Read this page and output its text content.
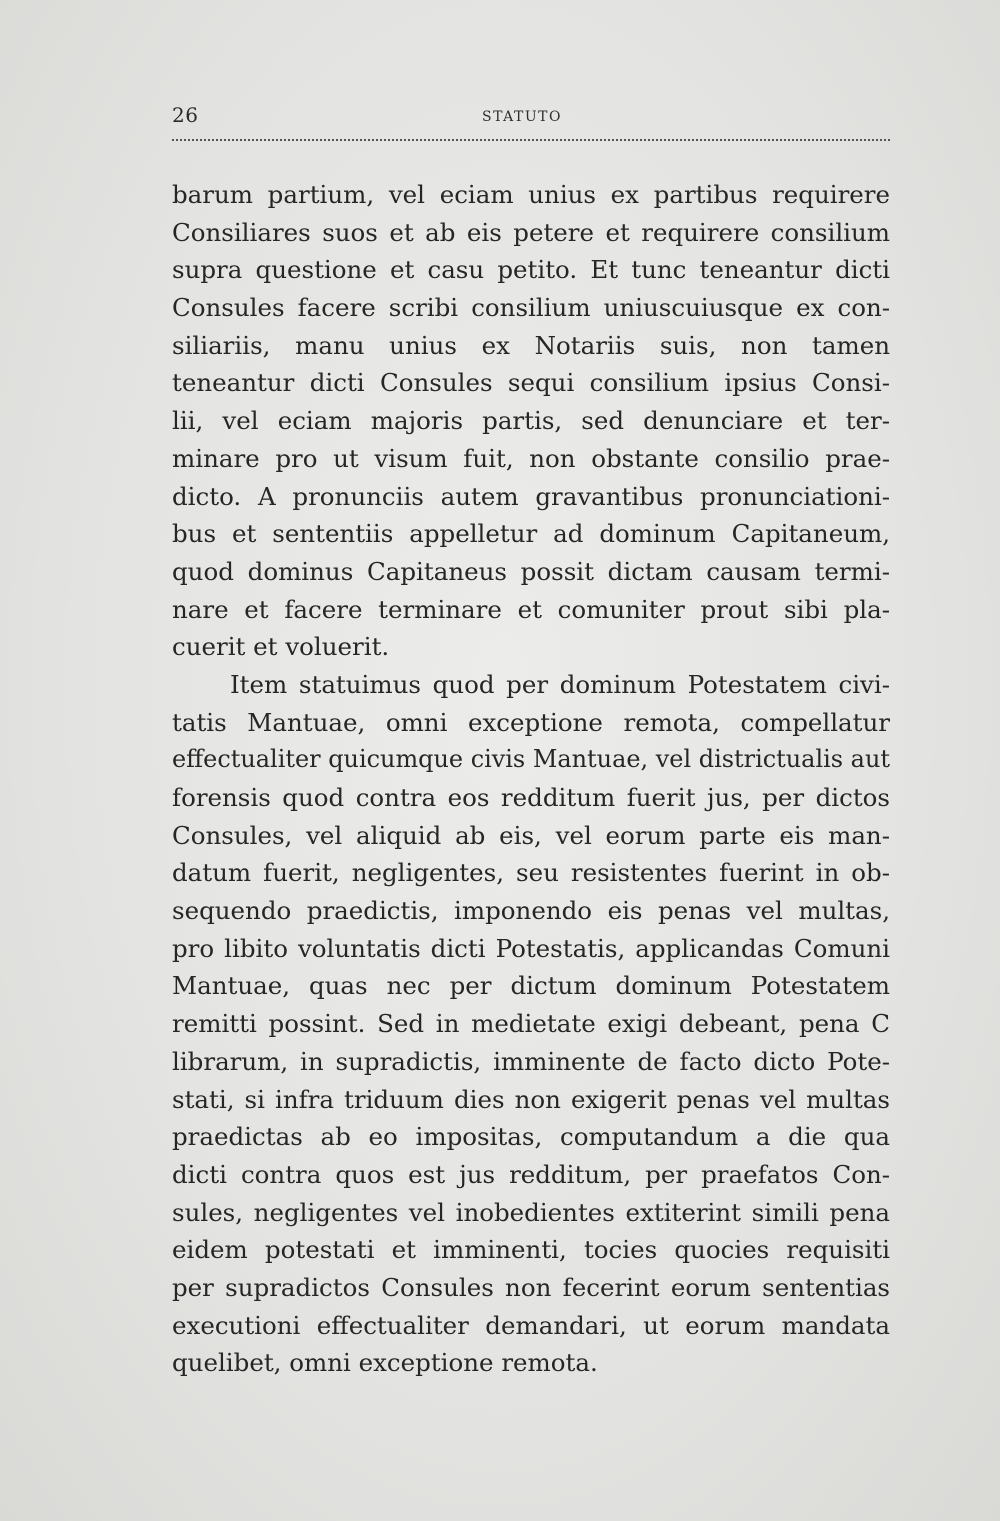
26	STATUTO
barum partium, vel eciam unius ex partibus requirere
Consiliares suos et ab eis petere et requirere consilium
supra questione et casu petito. Et tunc teneantur dicti
Consules facere scribi consilium uniuscuiusque ex con-
siliariis, manu unius ex Notariis suis, non tamen
teneantur dicti Consules sequi consilium ipsius Consi-
lii, vel eciam majoris partis, sed denunciare et ter-
minare pro ut visum fuit, non obstante consilio prae-
dicto. A pronunciis autem gravantibus pronunciationi-
bus et sententiis appelletur ad dominum Capitaneum,
quod dominus Capitaneus possit dictam causam termi-
nare et facere terminare et comuniter prout sibi pla-
cuerit et voluerit.
Item statuimus quod per dominum Potestatem civi-
tatis Mantuae, omni exceptione remota, compellatur
effectualiter quicumque civis Mantuae, vel districtualis aut
forensis quod contra eos redditum fuerit jus, per dictos
Consules, vel aliquid ab eis, vel eorum parte eis man-
datum fuerit, negligentes, seu resistentes fuerint in ob-
sequendo praedictis, imponendo eis penas vel multas,
pro libito voluntatis dicti Potestatis, applicandas Comuni
Mantuae, quas nec per dictum dominum Potestatem
remitti possint. Sed in medietate exigi debeant, pena C
librarum, in supradictis, imminente de facto dicto Pote-
stati, si infra triduum dies non exigerit penas vel multas
praedictas ab eo impositas, computandum a die qua
dicti contra quos est jus redditum, per praefatos Con-
sules, negligentes vel inobedientes extiterint simili pena
eidem potestati et imminenti, tocies quocies requisiti
per supradictos Consules non fecerint eorum sententias
executioni effectualiter demandari, ut eorum mandata
quelibet, omni exceptione remota.
